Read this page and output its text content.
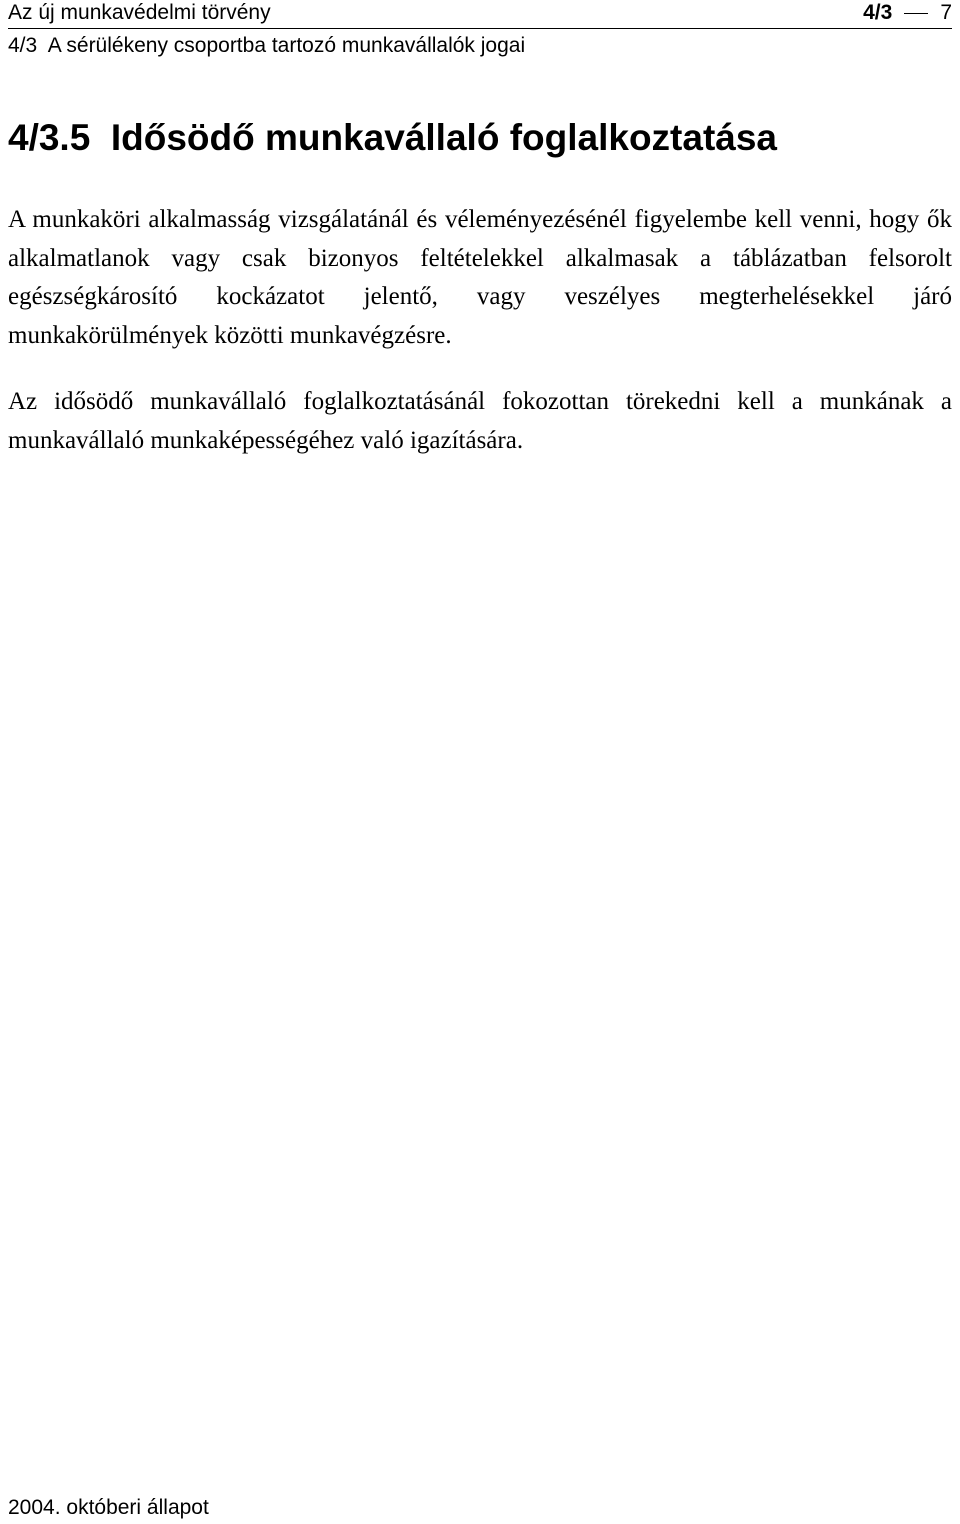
Az új munkavédelmi törvény	4/3 7
4/3  A sérülékeny csoportba tartozó munkavállalók jogai
4/3.5  Idősödő munkavállaló foglalkoztatása

A munkaköri alkalmasság vizsgálatánál és véleményezésénél figyelembe kell venni, hogy ők alkalmatlanok vagy csak bizonyos feltételekkel alkalmasak a táblázatban felsorolt egészségkárosító kockázatot jelentő, vagy veszélyes megterhelésekkel járó munkakörülmények közötti munkavégzésre.

Az idősödő munkavállaló foglalkoztatásánál fokozottan törekedni kell a munkának a munkavállaló munkaképességéhez való igazítására.

2004. októberi állapot
